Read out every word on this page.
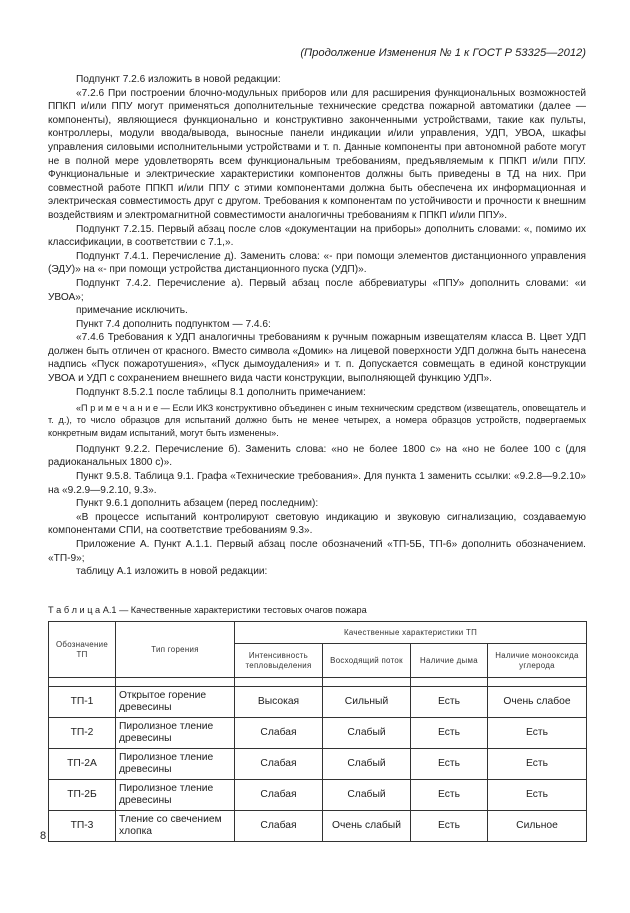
(Продолжение Изменения № 1 к ГОСТ Р 53325—2012)

Подпункт 7.2.6 изложить в новой редакции:

«7.2.6 При построении блочно-модульных приборов или для расширения функциональных возможностей ППКП и/или ППУ могут применяться дополнительные технические средства пожарной автоматики (далее — компоненты), являющиеся функционально и конструктивно законченными устройствами, такие как пульты, контроллеры, модули ввода/вывода, выносные панели индикации и/или управления, УДП, УВОА, шкафы управления силовыми исполнительными устройствами и т. п. Данные компоненты при автономной работе могут не в полной мере удовлетворять всем функциональным требованиям, предъявляемым к ППКП и/или ППУ. Функциональные и электрические характеристики компонентов должны быть приведены в ТД на них. При совместной работе ППКП и/или ППУ с этими компонентами должна быть обеспечена их информационная и электрическая совместимость друг с другом. Требования к компонентам по устойчивости и прочности к внешним воздействиям и электромагнитной совместимости аналогичны требованиям к ППКП и/или ППУ».

Подпункт 7.2.15. Первый абзац после слов «документации на приборы» дополнить словами: «, помимо их классификации, в соответствии с 7.1,».

Подпункт 7.4.1. Перечисление д). Заменить слова: «- при помощи элементов дистанционного управления (ЭДУ)» на «- при помощи устройства дистанционного пуска (УДП)».

Подпункт 7.4.2. Перечисление а). Первый абзац после аббревиатуры «ППУ» дополнить словами: «и УВОА»;

примечание исключить.

Пункт 7.4 дополнить подпунктом — 7.4.6:

«7.4.6 Требования к УДП аналогичны требованиям к ручным пожарным извещателям класса В. Цвет УДП должен быть отличен от красного. Вместо символа «Домик» на лицевой поверхности УДП должна быть нанесена надпись «Пуск пожаротушения», «Пуск дымоудаления» и т. п. Допускается совмещать в единой конструкции УВОА и УДП с сохранением внешнего вида части конструкции, выполняющей функцию УДП».

Подпункт 8.5.2.1 после таблицы 8.1 дополнить примечанием:

«П р и м е ч а н и е — Если ИКЗ конструктивно объединен с иным техническим средством (извещатель, оповещатель и т. д.), то число образцов для испытаний должно быть не менее четырех, а номера образцов устройств, подвергаемых конкретным видам испытаний, могут быть изменены».

Подпункт 9.2.2. Перечисление б). Заменить слова: «но не более 1800 с» на «но не более 100 с (для радиоканальных 1800 с)».

Пункт 9.5.8. Таблица 9.1. Графа «Технические требования». Для пункта 1 заменить ссылки: «9.2.8—9.2.10» на «9.2.9—9.2.10, 9.3».

Пункт 9.6.1 дополнить абзацем (перед последним):

«В процессе испытаний контролируют световую индикацию и звуковую сигнализацию, создаваемую компонентами СПИ, на соответствие требованиям 9.3».

Приложение А. Пункт А.1.1. Первый абзац после обозначений «ТП-5Б, ТП-6» дополнить обозначением. «ТП-9»;

таблицу А.1 изложить в новой редакции:

Т а б л и ц а А.1 — Качественные характеристики тестовых очагов пожара
Обозначение ТП	Тип горения	Качественные характеристики ТП			
		Интенсивность тепловыделения	Восходящий поток	Наличие дыма	Наличие монооксида углерода

ТП-1	Открытое горение древесины	Высокая	Сильный	Есть	Очень слабое
ТП-2	Пиролизное тление древесины	Слабая	Слабый	Есть	Есть
ТП-2А	Пиролизное тление древесины	Слабая	Слабый	Есть	Есть
ТП-2Б	Пиролизное тление древесины	Слабая	Слабый	Есть	Есть
ТП-3	Тление со свечением хлопка	Слабая	Очень слабый	Есть	Сильное
8
